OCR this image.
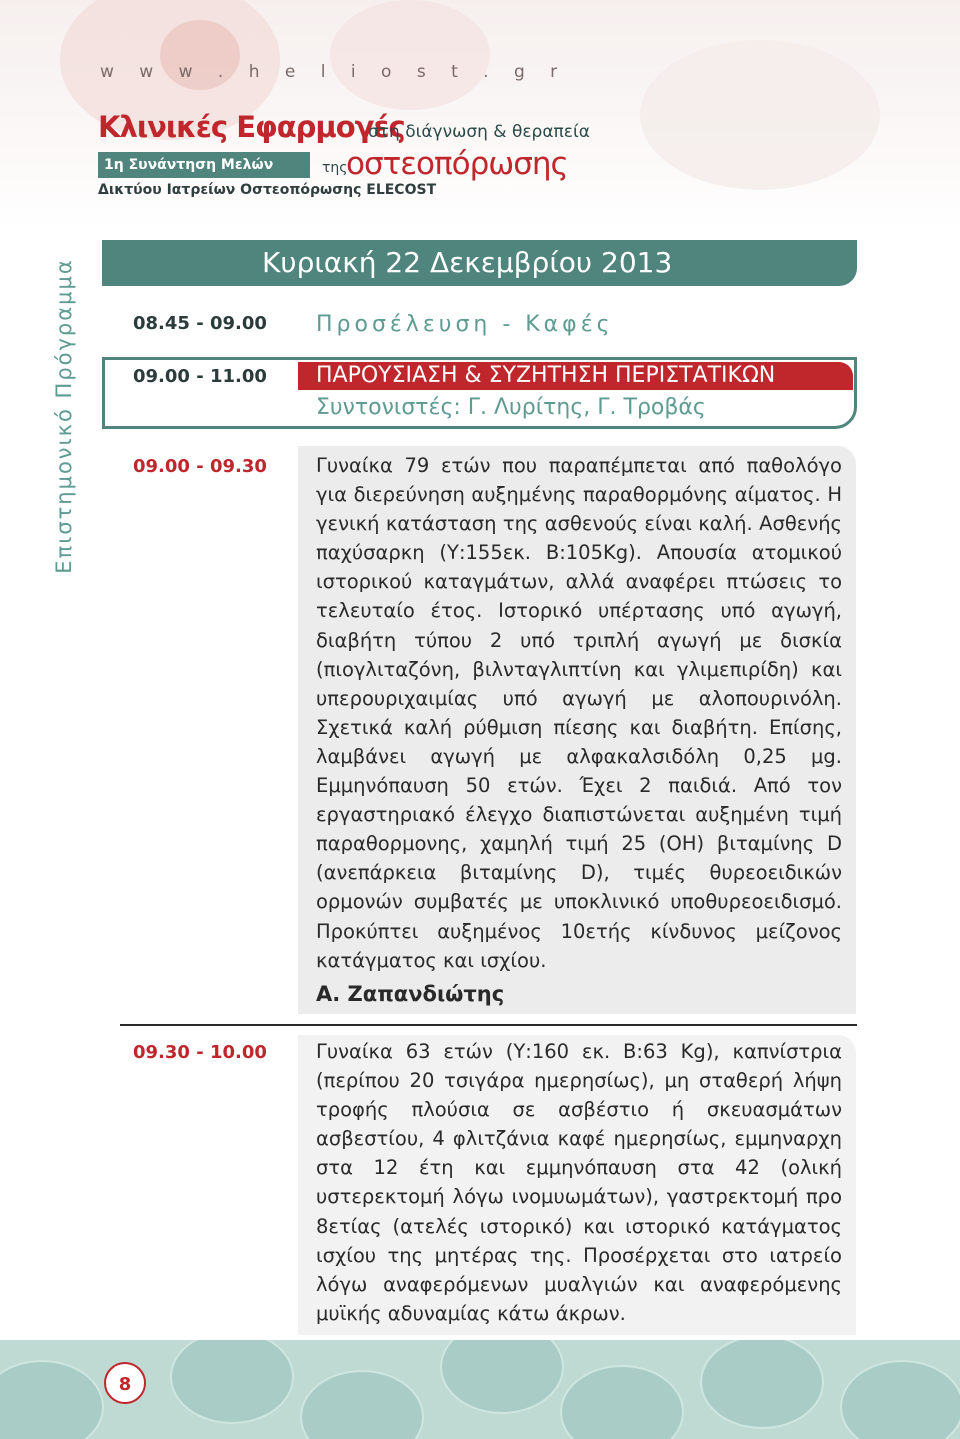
w w w . h e l i o s t . g r
Κλινικές Εφαρμογές
στη διάγνωση & θεραπεία
1η Συνάντηση Μελών	της
οστεοπόρωσης
Δικτύου Ιατρείων Οστεοπόρωσης ELECOST
Επιστημονικό Πρόγραμμα	Κυριακή 22 Δεκεμβρίου 2013
08.45 - 09.00 Προσέλευση - Καφές
09.00 - 11.00	ΠΑΡΟΥΣΙΑΣΗ & ΣΥΖΗΤΗΣΗ ΠΕΡΙΣΤΑΤΙΚΩΝ
Συντονιστές: Γ. Λυρίτης, Γ. Τροβάς
09.00 - 09.30	Γυναίκα 79 ετών που παραπέμπεται από παθολόγο για διερεύνηση αυξημένης παραθορμόνης αίματος. Η γενική κατάσταση της ασθενούς είναι καλή. Ασθενής παχύσαρκη (Υ:155εκ. Β:105Kg). Απουσία ατομικού ιστορικού καταγμάτων, αλλά αναφέρει πτώσεις το τελευταίο έτος. Ιστορικό υπέρτασης υπό αγωγή, διαβήτη τύπου 2 υπό τριπλή αγωγή με δισκία (πιογλιταζόνη, βιλνταγλιπτίνη και γλιμεπιρίδη) και υπερουριχαιμίας υπό αγωγή με αλοπουρινόλη. Σχετικά καλή ρύθμιση πίεσης και διαβήτη. Επίσης, λαμβάνει αγωγή με αλφακαλσιδόλη 0,25 μg. Εμμηνόπαυση 50 ετών. Έχει 2 παιδιά. Από τον εργαστηριακό έλεγχο διαπιστώνεται αυξημένη τιμή παραθορμονης, χαμηλή τιμή 25 (ΟΗ) βιταμίνης D (ανεπάρκεια βιταμίνης D), τιμές θυρεοειδικών ορμονών συμβατές με υποκλινικό υποθυρεοειδισμό. Προκύπτει αυξημένος 10ετής κίνδυνος μείζονος κατάγματος και ισχίου.
Α. Ζαπανδιώτης
09.30 - 10.00	Γυναίκα 63 ετών (Υ:160 εκ. Β:63 Kg), καπνίστρια (περίπου 20 τσιγάρα ημερησίως), μη σταθερή λήψη τροφής πλούσια σε ασβέστιο ή σκευασμάτων ασβεστίου, 4 φλιτζάνια καφέ ημερησίως, εμμηναρχη στα 12 έτη και εμμηνόπαυση στα 42 (ολική υστερεκτομή λόγω ινομυωμάτων), γαστρεκτομή προ 8ετίας (ατελές ιστορικό) και ιστορικό κατάγματος ισχίου της μητέρας της. Προσέρχεται στο ιατρείο λόγω αναφερόμενων μυαλγιών και αναφερόμενης μυϊκής αδυναμίας κάτω άκρων.
8
